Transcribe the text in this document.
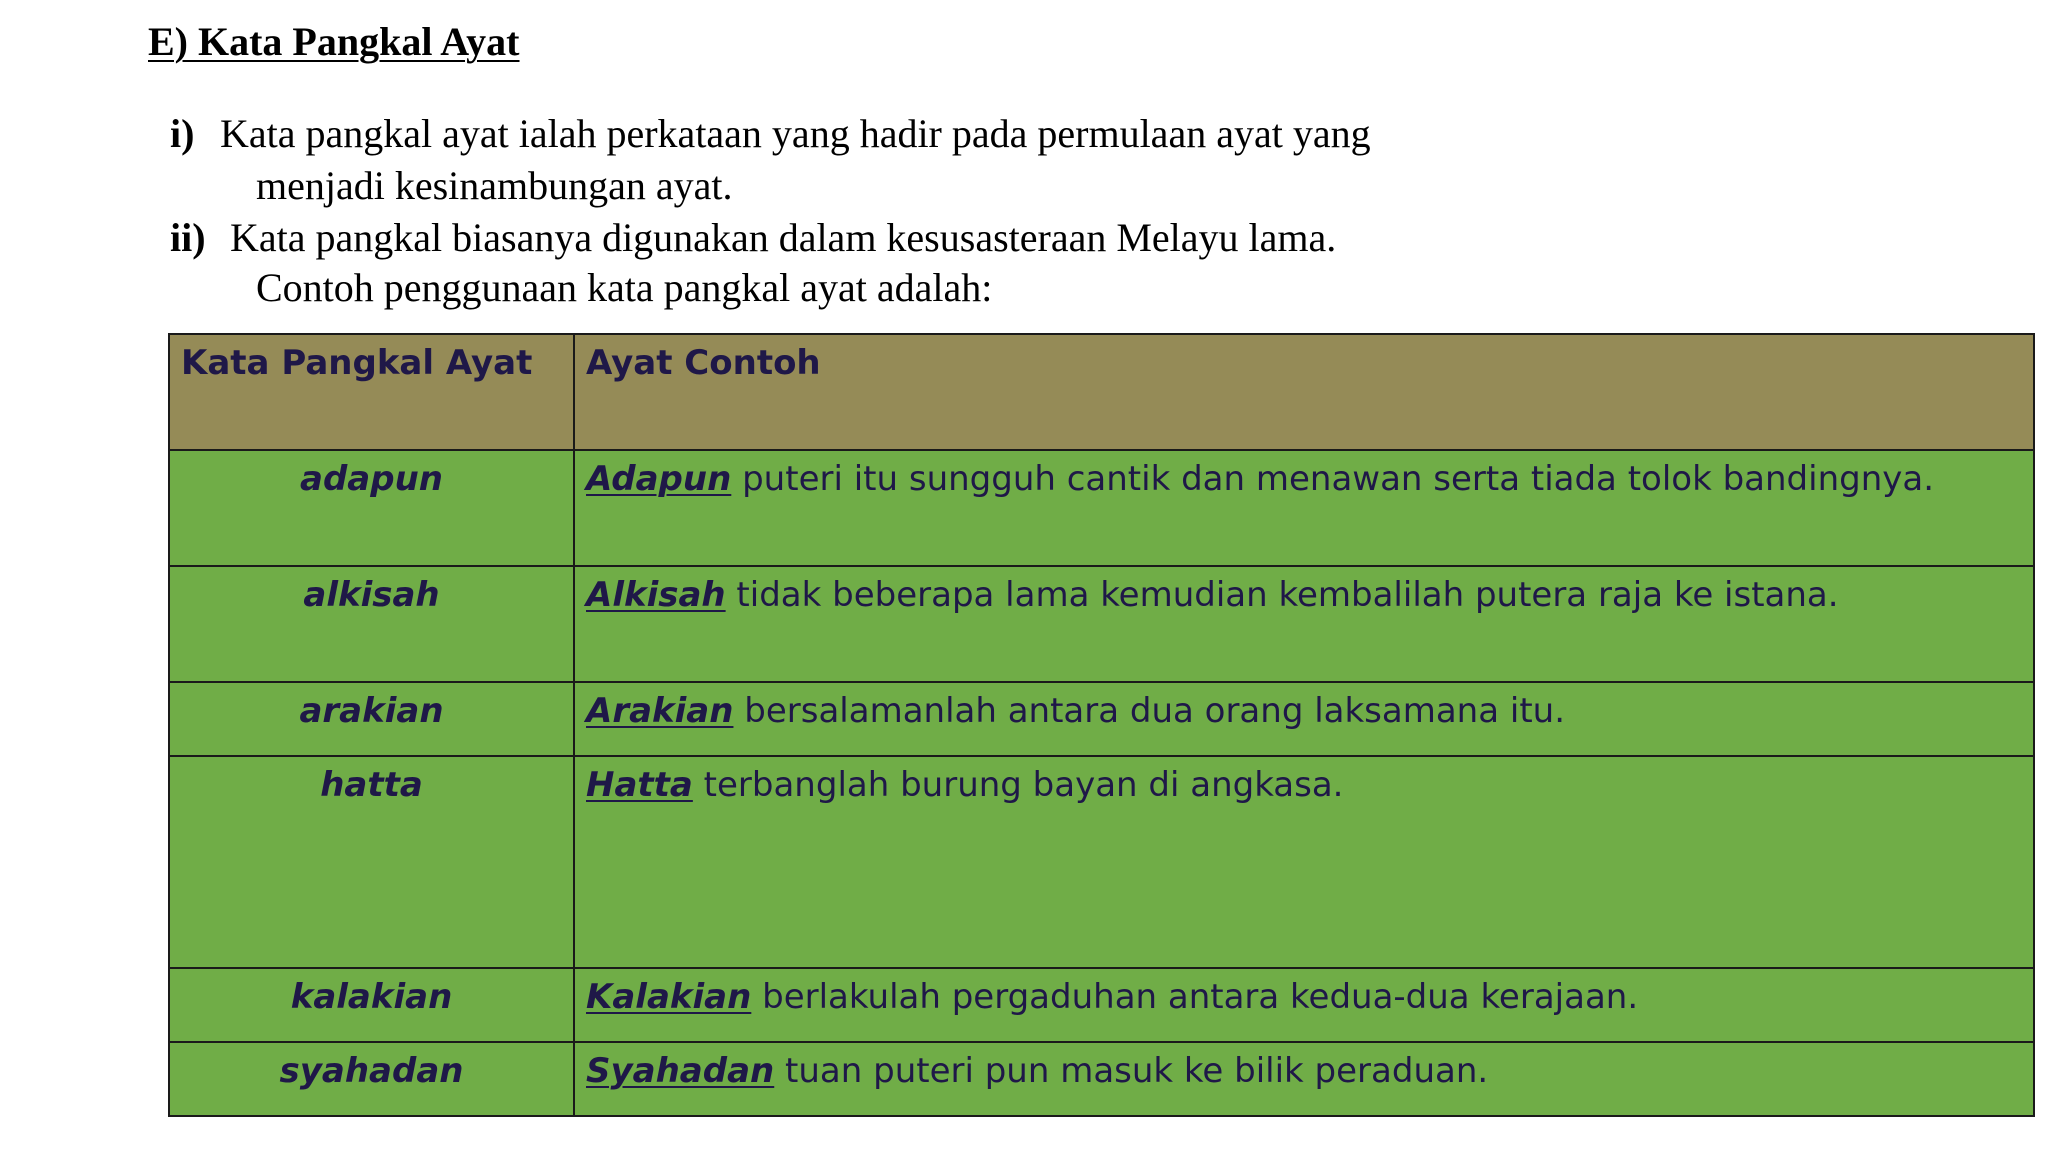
E) Kata Pangkal Ayat

i) Kata pangkal ayat ialah perkataan yang hadir pada permulaan ayat yang

menjadi kesinambungan ayat.

ii) Kata pangkal biasanya digunakan dalam kesusasteraan Melayu lama.

Contoh penggunaan kata pangkal ayat adalah:

Kata Pangkal Ayat	Ayat Contoh
adapun	Adapun puteri itu sungguh cantik dan menawan serta tiada tolok bandingnya.
alkisah	Alkisah tidak beberapa lama kemudian kembalilah putera raja ke istana.
arakian	Arakian bersalamanlah antara dua orang laksamana itu.
hatta	Hatta terbanglah burung bayan di angkasa.
kalakian	Kalakian berlakulah pergaduhan antara kedua-dua kerajaan.
syahadan	Syahadan tuan puteri pun masuk ke bilik peraduan.
